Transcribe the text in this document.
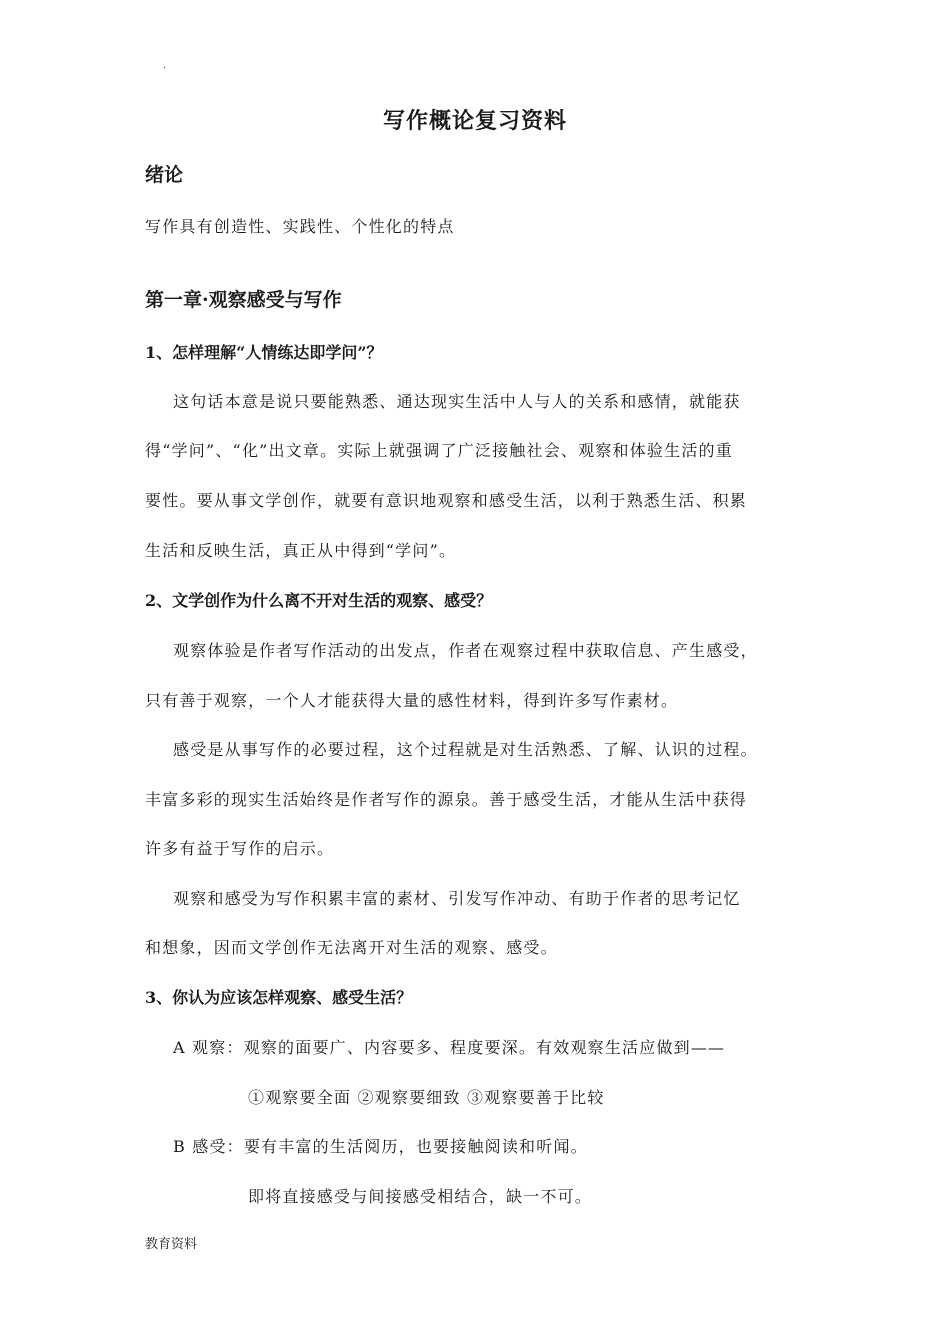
.
写作概论复习资料
绪论
写作具有创造性、实践性、个性化的特点
第一章·观察感受与写作
1、怎样理解“人情练达即学问”？
这句话本意是说只要能熟悉、通达现实生活中人与人的关系和感情，就能获
得“学问”、“化”出文章。实际上就强调了广泛接触社会、观察和体验生活的重
要性。要从事文学创作，就要有意识地观察和感受生活，以利于熟悉生活、积累
生活和反映生活，真正从中得到“学问”。
2、文学创作为什么离不开对生活的观察、感受？
观察体验是作者写作活动的出发点，作者在观察过程中获取信息、产生感受，
只有善于观察，一个人才能获得大量的感性材料，得到许多写作素材。
感受是从事写作的必要过程，这个过程就是对生活熟悉、了解、认识的过程。
丰富多彩的现实生活始终是作者写作的源泉。善于感受生活，才能从生活中获得
许多有益于写作的启示。
观察和感受为写作积累丰富的素材、引发写作冲动、有助于作者的思考记忆
和想象，因而文学创作无法离开对生活的观察、感受。
3、你认为应该怎样观察、感受生活？
A 观察：观察的面要广、内容要多、程度要深。有效观察生活应做到——
①观察要全面 ②观察要细致 ③观察要善于比较
B 感受：要有丰富的生活阅历，也要接触阅读和听闻。
即将直接感受与间接感受相结合，缺一不可。
教育资料
